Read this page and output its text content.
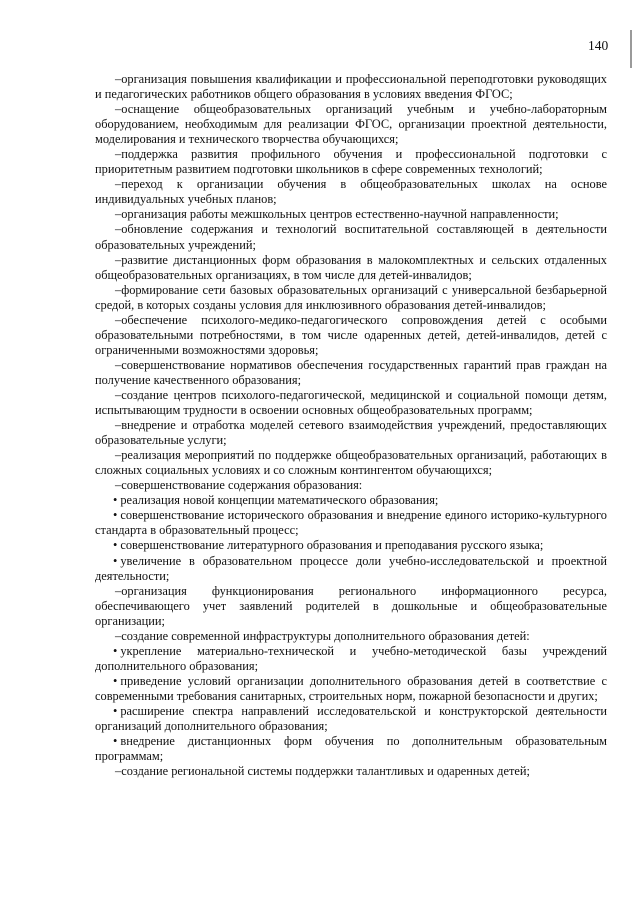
140

–организация повышения квалификации и профессиональной переподготовки руководящих и педагогических работников общего образования в условиях введения ФГОС;

–оснащение общеобразовательных организаций учебным и учебно-лабораторным оборудованием, необходимым для реализации ФГОС, организации проектной деятельности, моделирования и технического творчества обучающихся;

–поддержка развития профильного обучения и профессиональной подготовки с приоритетным развитием подготовки школьников в сфере современных технологий;

–переход к организации обучения в общеобразовательных школах на основе индивидуальных учебных планов;

–организация работы межшкольных центров естественно-научной направленности;

–обновление содержания и технологий воспитательной составляющей в деятельности образовательных учреждений;

–развитие дистанционных форм образования в малокомплектных и сельских отдаленных общеобразовательных организациях, в том числе для детей-инвалидов;

–формирование сети базовых образовательных организаций с универсальной безбарьерной средой, в которых созданы условия для инклюзивного образования детей-инвалидов;

–обеспечение психолого-медико-педагогического сопровождения детей с особыми образовательными потребностями, в том числе одаренных детей, детей-инвалидов, детей с ограниченными возможностями здоровья;

–совершенствование нормативов обеспечения государственных гарантий прав граждан на получение качественного образования;

–создание центров психолого-педагогической, медицинской и социальной помощи детям, испытывающим трудности в освоении основных общеобразовательных программ;

–внедрение и отработка моделей сетевого взаимодействия учреждений, предоставляющих образовательные услуги;

–реализация мероприятий по поддержке общеобразовательных организаций, работающих в сложных социальных условиях и со сложным контингентом обучающихся;

–совершенствование содержания образования:

• реализация новой концепции математического образования;

• совершенствование исторического образования и внедрение единого историко-культурного стандарта в образовательный процесс;

• совершенствование литературного образования и преподавания русского языка;

• увеличение в образовательном процессе доли учебно-исследовательской и проектной деятельности;

–организация функционирования регионального информационного ресурса, обеспечивающего учет заявлений родителей в дошкольные и общеобразовательные организации;

–создание современной инфраструктуры дополнительного образования детей:

• укрепление материально-технической и учебно-методической базы учреждений дополнительного образования;

• приведение условий организации дополнительного образования детей в соответствие с современными требования санитарных, строительных норм, пожарной безопасности и других;

• расширение спектра направлений исследовательской и конструкторской деятельности организаций дополнительного образования;

• внедрение дистанционных форм обучения по дополнительным образовательным программам;

–создание региональной системы поддержки талантливых и одаренных детей;
